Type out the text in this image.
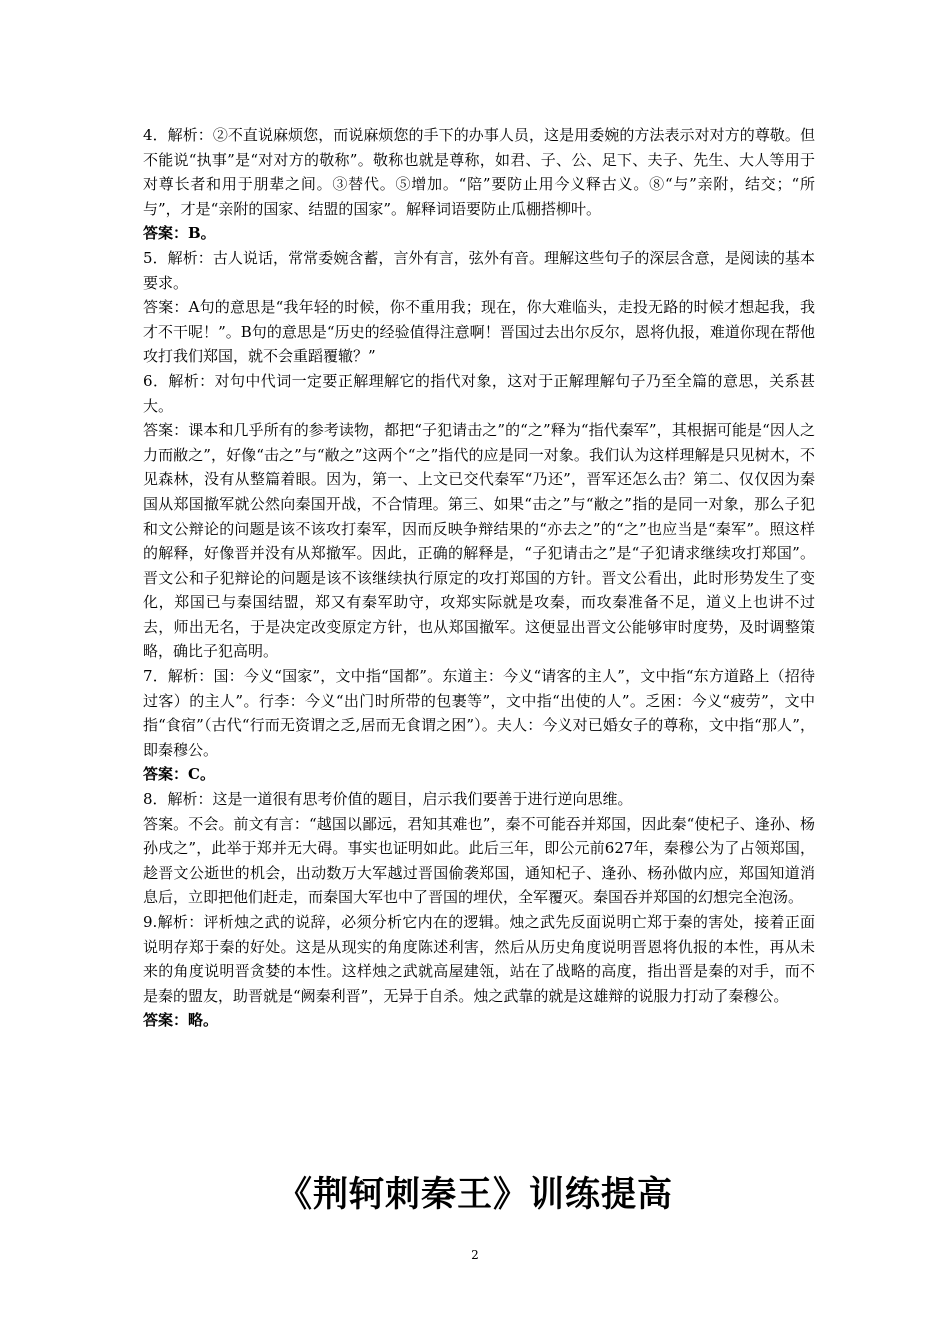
4．解析：②不直说麻烦您，而说麻烦您的手下的办事人员，这是用委婉的方法表示对对方的尊敬。但不能说“执事”是“对对方的敬称”。敬称也就是尊称，如君、子、公、足下、夫子、先生、大人等用于对尊长者和用于朋辈之间。③替代。⑤增加。“陪”要防止用今义释古义。⑧“与”亲附，结交；“所与”，才是“亲附的国家、结盟的国家”。解释词语要防止瓜棚搭柳叶。

答案：B。

5．解析：古人说话，常常委婉含蓄，言外有言，弦外有音。理解这些句子的深层含意，是阅读的基本要求。

答案：A句的意思是“我年轻的时候，你不重用我；现在，你大难临头，走投无路的时候才想起我，我才不干呢！”。B句的意思是“历史的经验值得注意啊！晋国过去出尔反尔，恩将仇报，难道你现在帮他攻打我们郑国，就不会重蹈覆辙？”

6．解析：对句中代词一定要正解理解它的指代对象，这对于正解理解句子乃至全篇的意思，关系甚大。

答案：课本和几乎所有的参考读物，都把“子犯请击之”的“之”释为“指代秦军”，其根据可能是“因人之力而敝之”，好像“击之”与“敝之”这两个“之”指代的应是同一对象。我们认为这样理解是只见树木，不见森林，没有从整篇着眼。因为，第一、上文已交代秦军“乃还”，晋军还怎么击？第二、仅仅因为秦国从郑国撤军就公然向秦国开战，不合情理。第三、如果“击之”与“敝之”指的是同一对象，那么子犯和文公辩论的问题是该不该攻打秦军，因而反映争辩结果的“亦去之”的“之”也应当是“秦军”。照这样的解释，好像晋并没有从郑撤军。因此，正确的解释是，“子犯请击之”是“子犯请求继续攻打郑国”。晋文公和子犯辩论的问题是该不该继续执行原定的攻打郑国的方针。晋文公看出，此时形势发生了变化，郑国已与秦国结盟，郑又有秦军助守，攻郑实际就是攻秦，而攻秦准备不足，道义上也讲不过去，师出无名，于是决定改变原定方针，也从郑国撤军。这便显出晋文公能够审时度势，及时调整策略，确比子犯高明。

7．解析：国：今义“国家”，文中指“国都”。东道主：今义“请客的主人”，文中指“东方道路上（招待过客）的主人”。行李：今义“出门时所带的包裹等”，文中指“出使的人”。乏困：今义“疲劳”，文中指“食宿”（古代“行而无资谓之乏,居而无食谓之困”）。夫人：今义对已婚女子的尊称，文中指“那人”，即秦穆公。

答案：C。

8．解析：这是一道很有思考价值的题目，启示我们要善于进行逆向思维。

答案。不会。前文有言：“越国以鄙远，君知其难也”，秦不可能吞并郑国，因此秦“使杞子、逢孙、杨孙戌之”，此举于郑并无大碍。事实也证明如此。此后三年，即公元前627年，秦穆公为了占领郑国，趁晋文公逝世的机会，出动数万大军越过晋国偷袭郑国，通知杞子、逢孙、杨孙做内应，郑国知道消息后，立即把他们赶走，而秦国大军也中了晋国的埋伏，全军覆灭。秦国吞并郑国的幻想完全泡汤。

9.解析：评析烛之武的说辞，必须分析它内在的逻辑。烛之武先反面说明亡郑于秦的害处，接着正面说明存郑于秦的好处。这是从现实的角度陈述利害，然后从历史角度说明晋恩将仇报的本性，再从未来的角度说明晋贪婪的本性。这样烛之武就高屋建瓴，站在了战略的高度，指出晋是秦的对手，而不是秦的盟友，助晋就是“阙秦利晋”，无异于自杀。烛之武靠的就是这雄辩的说服力打动了秦穆公。

答案：略。

《荆轲刺秦王》训练提高
2
